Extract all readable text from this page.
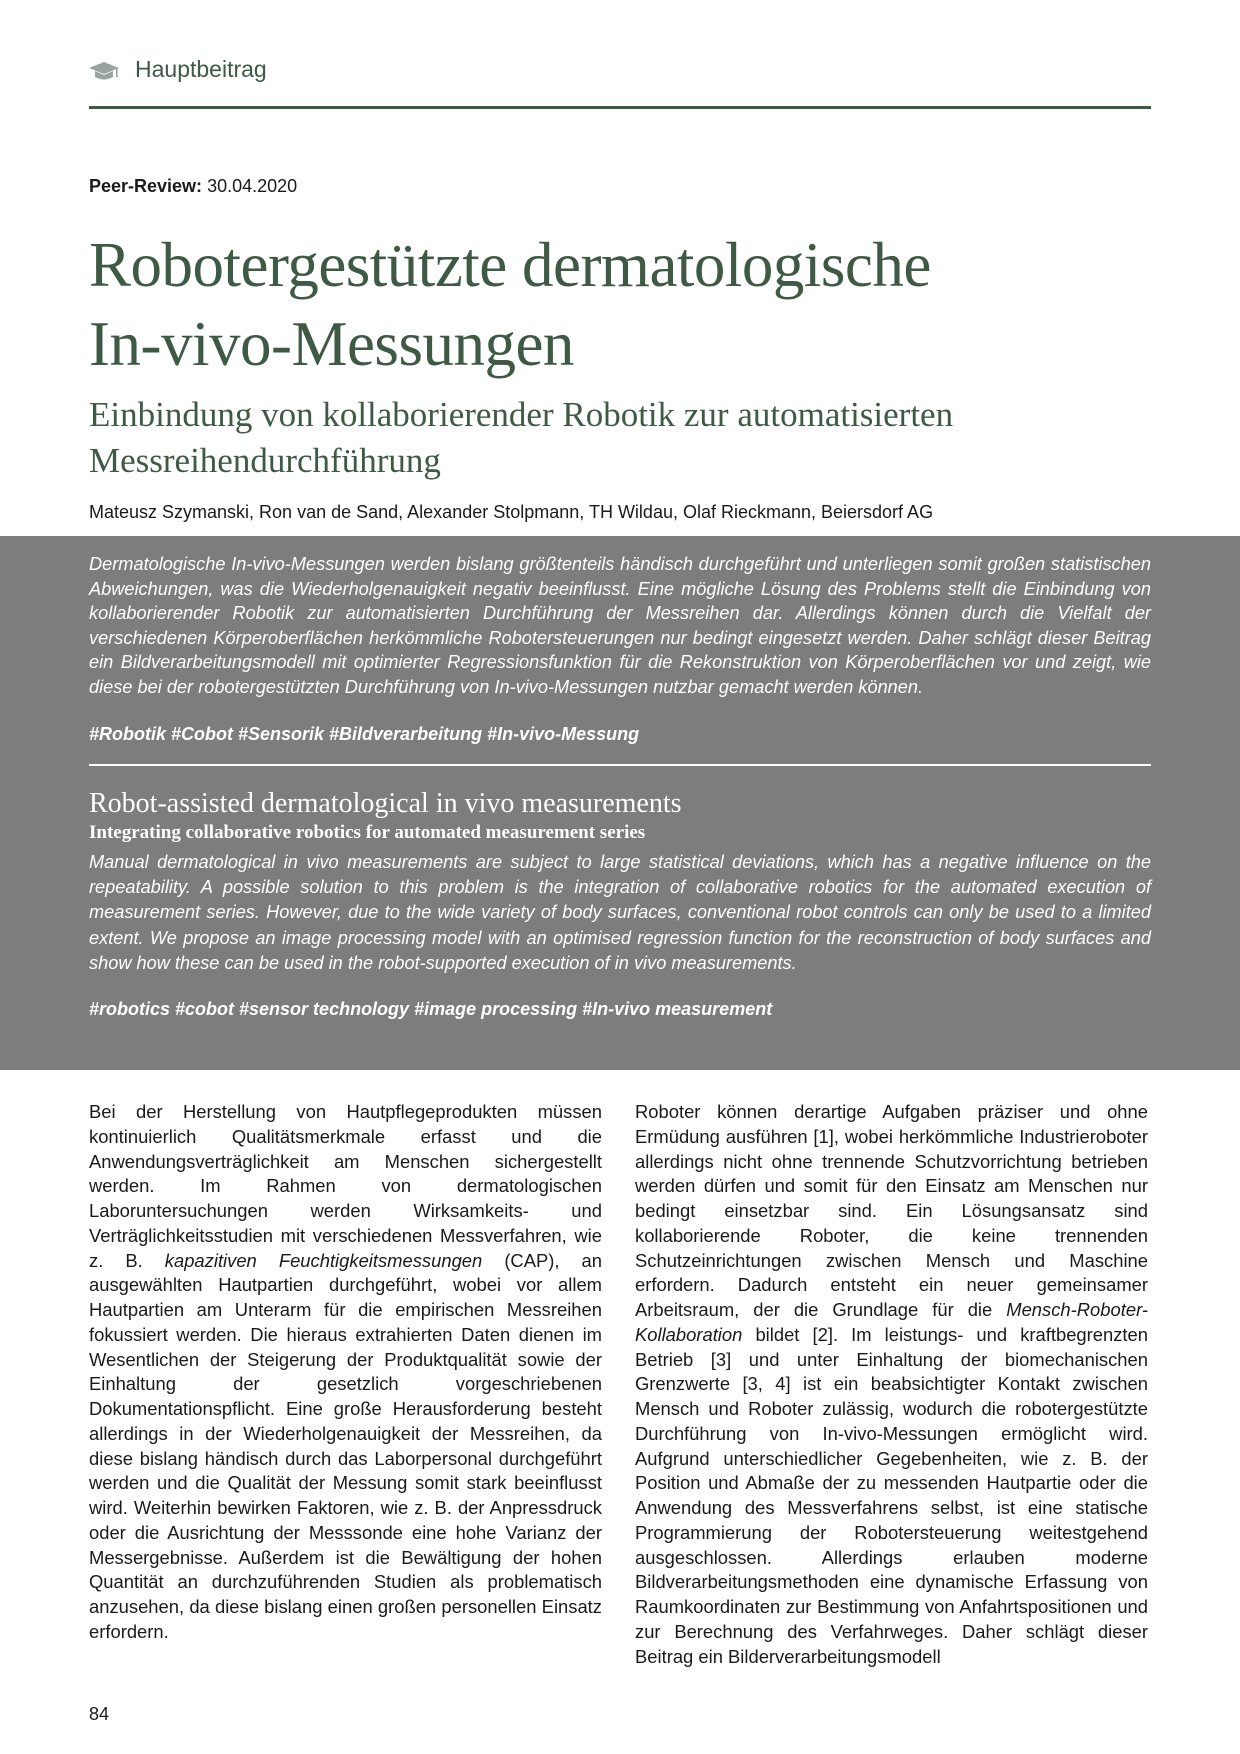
Hauptbeitrag
Peer-Review: 30.04.2020
Robotergestützte dermatologische
In-vivo-Messungen
Einbindung von kollaborierender Robotik zur automatisierten
Messreihendurchführung
Mateusz Szymanski, Ron van de Sand, Alexander Stolpmann, TH Wildau, Olaf Rieckmann, Beiersdorf AG
Dermatologische In-vivo-Messungen werden bislang größtenteils händisch durchgeführt und unterliegen somit großen statistischen Abweichungen, was die Wiederholgenauigkeit negativ beeinflusst. Eine mögliche Lösung des Problems stellt die Einbindung von kollaborierender Robotik zur automatisierten Durchführung der Messreihen dar. Allerdings können durch die Vielfalt der verschiedenen Körperoberflächen herkömmliche Robotersteuerungen nur bedingt eingesetzt werden. Daher schlägt dieser Beitrag ein Bildverarbeitungsmodell mit optimierter Regressionsfunktion für die Rekonstruktion von Körperoberflächen vor und zeigt, wie diese bei der robotergestützten Durchführung von In-vivo-Messungen nutzbar gemacht werden können.
#Robotik #Cobot #Sensorik #Bildverarbeitung #In-vivo-Messung
Robot-assisted dermatological in vivo measurements
Integrating collaborative robotics for automated measurement series
Manual dermatological in vivo measurements are subject to large statistical deviations, which has a negative influence on the repeatability. A possible solution to this problem is the integration of collaborative robotics for the automated execution of measurement series. However, due to the wide variety of body surfaces, conventional robot controls can only be used to a limited extent. We propose an image processing model with an optimised regression function for the reconstruction of body surfaces and show how these can be used in the robot-supported execution of in vivo measurements.
#robotics #cobot #sensor technology #image processing #In-vivo measurement
Bei der Herstellung von Hautpflegeprodukten müssen kontinuierlich Qualitätsmerkmale erfasst und die Anwendungsverträglichkeit am Menschen sichergestellt werden. Im Rahmen von dermatologischen Laboruntersuchungen werden Wirksamkeits- und Verträglichkeitsstudien mit verschiedenen Messverfahren, wie z. B. kapazitiven Feuchtigkeitsmessungen (CAP), an ausgewählten Hautpartien durchgeführt, wobei vor allem Hautpartien am Unterarm für die empirischen Messreihen fokussiert werden. Die hieraus extrahierten Daten dienen im Wesentlichen der Steigerung der Produktqualität sowie der Einhaltung der gesetzlich vorgeschriebenen Dokumentationspflicht. Eine große Herausforderung besteht allerdings in der Wiederholgenauigkeit der Messreihen, da diese bislang händisch durch das Laborpersonal durchgeführt werden und die Qualität der Messung somit stark beeinflusst wird. Weiterhin bewirken Faktoren, wie z. B. der Anpressdruck oder die Ausrichtung der Messsonde eine hohe Varianz der Messergebnisse. Außerdem ist die Bewältigung der hohen Quantität an durchzuführenden Studien als problematisch anzusehen, da diese bislang einen großen personellen Einsatz erfordern.
Roboter können derartige Aufgaben präziser und ohne Ermüdung ausführen [1], wobei herkömmliche Industrieroboter allerdings nicht ohne trennende Schutzvorrichtung betrieben werden dürfen und somit für den Einsatz am Menschen nur bedingt einsetzbar sind. Ein Lösungsansatz sind kollaborierende Roboter, die keine trennenden Schutzeinrichtungen zwischen Mensch und Maschine erfordern. Dadurch entsteht ein neuer gemeinsamer Arbeitsraum, der die Grundlage für die Mensch-Roboter-Kollaboration bildet [2]. Im leistungs- und kraftbegrenzten Betrieb [3] und unter Einhaltung der biomechanischen Grenzwerte [3, 4] ist ein beabsichtigter Kontakt zwischen Mensch und Roboter zulässig, wodurch die robotergestützte Durchführung von In-vivo-Messungen ermöglicht wird. Aufgrund unterschiedlicher Gegebenheiten, wie z. B. der Position und Abmaße der zu messenden Hautpartie oder die Anwendung des Messverfahrens selbst, ist eine statische Programmierung der Robotersteuerung weitestgehend ausgeschlossen. Allerdings erlauben moderne Bildverarbeitungsmethoden eine dynamische Erfassung von Raumkoordinaten zur Bestimmung von Anfahrtspositionen und zur Berechnung des Verfahrweges. Daher schlägt dieser Beitrag ein Bilderverarbeitungsmodell
84
